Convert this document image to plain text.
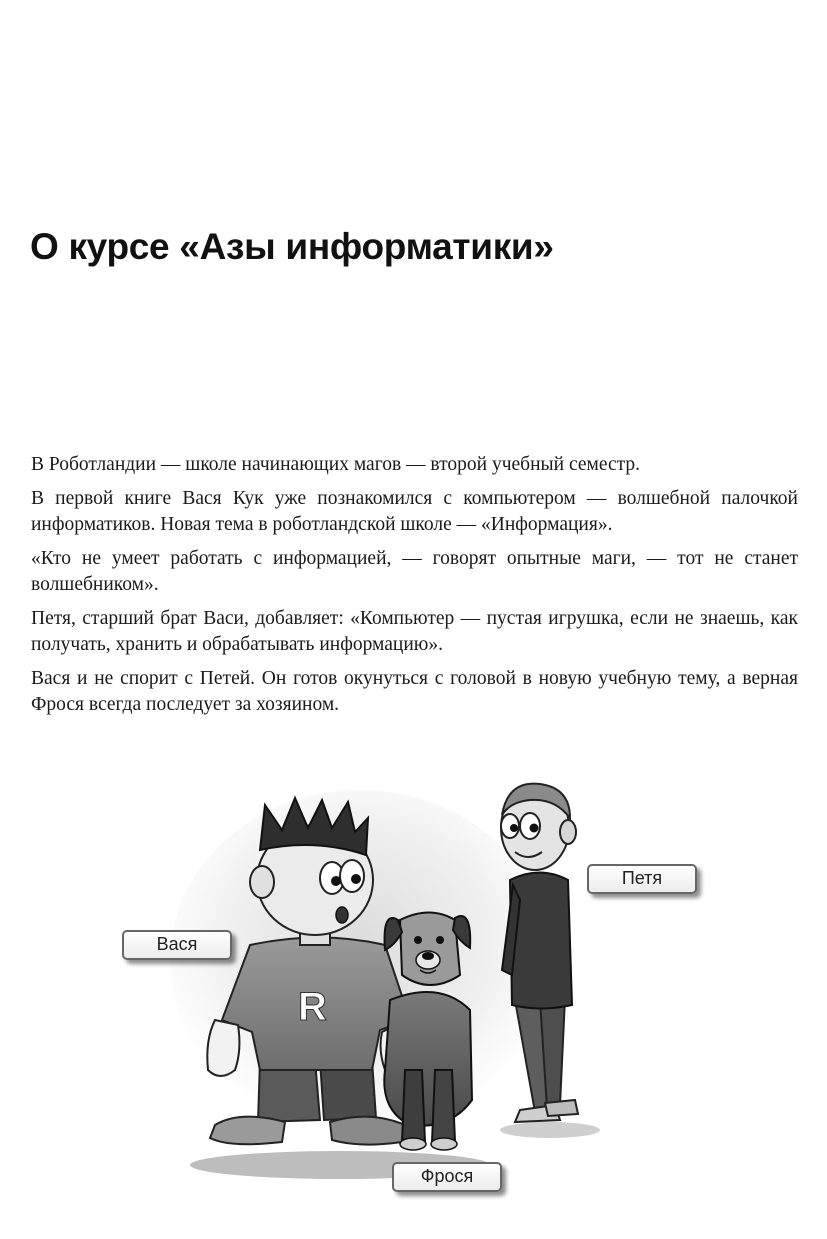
О курсе «Азы информатики»

В Роботландии — школе начинающих магов — второй учебный семестр.

В первой книге Вася Кук уже познакомился с компьютером — волшебной палочкой информатиков. Новая тема в роботландской школе — «Информация».

«Кто не умеет работать с информацией, — говорят опытные маги, — тот не станет волшебником».

Петя, старший брат Васи, добавляет: «Компьютер — пустая игрушка, если не знаешь, как получать, хранить и обрабатывать информацию».

Вася и не спорит с Петей. Он готов окунуться с головой в новую учебную тему, а верная Фрося всегда последует за хозяином.

R
Вася
Петя
Фрося
